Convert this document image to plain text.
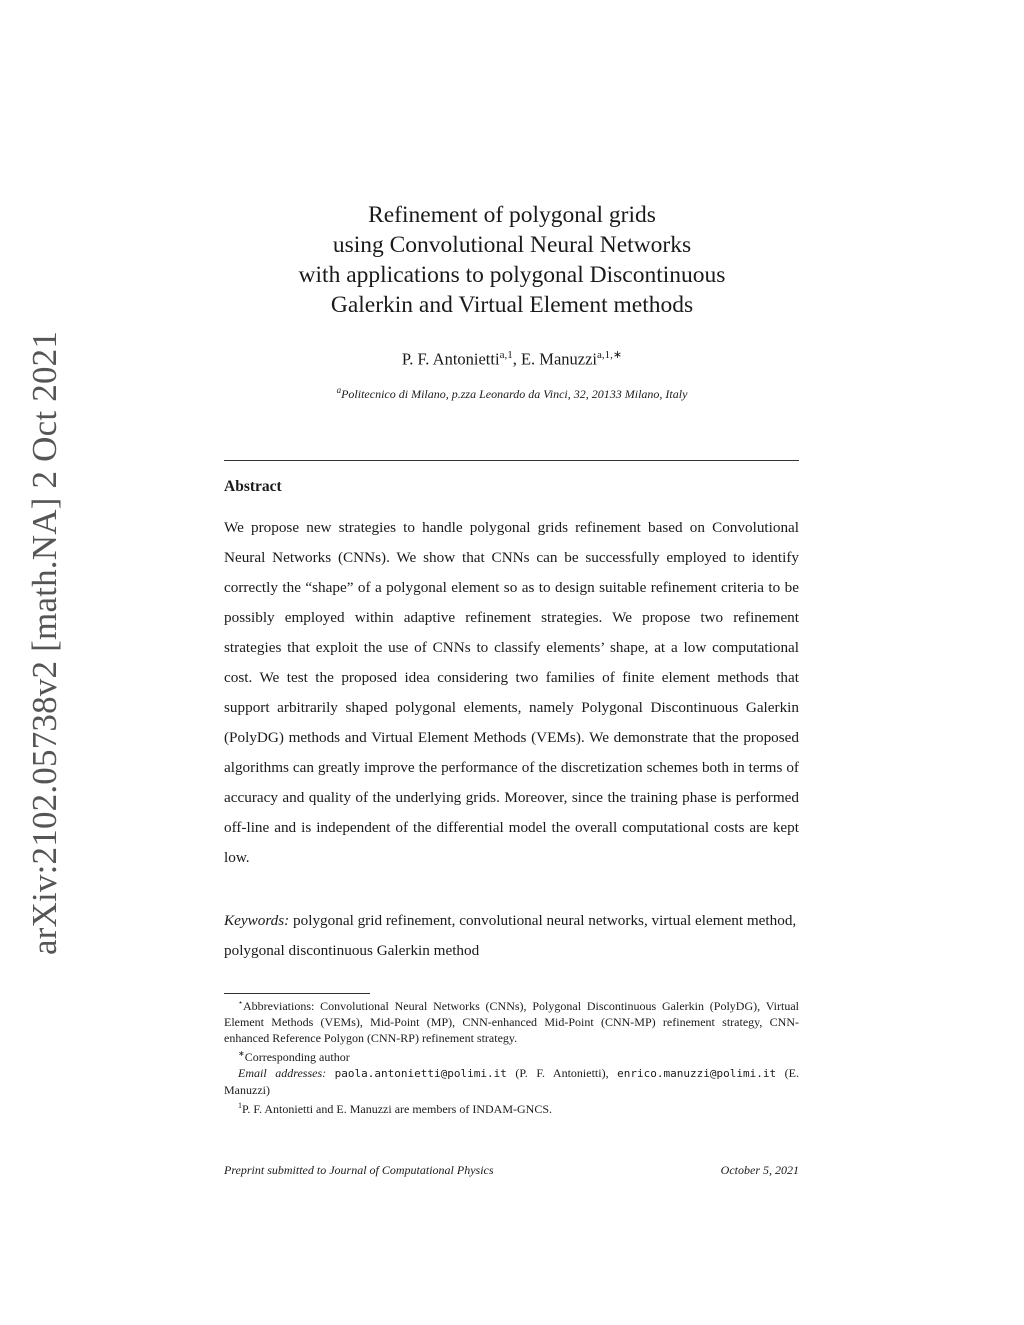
arXiv:2102.05738v2 [math.NA] 2 Oct 2021
Refinement of polygonal grids
using Convolutional Neural Networks
with applications to polygonal Discontinuous
Galerkin and Virtual Element methods
P. F. Antonietti$^{a,1}$, E. Manuzzi$^{a,1,∗}$
$^a$Politecnico di Milano, p.zza Leonardo da Vinci, 32, 20133 Milano, Italy
Abstract
We propose new strategies to handle polygonal grids refinement based on Convolutional Neural Networks (CNNs). We show that CNNs can be successfully employed to identify correctly the “shape” of a polygonal element so as to design suitable refinement criteria to be possibly employed within adaptive refinement strategies. We propose two refinement strategies that exploit the use of CNNs to classify elements’ shape, at a low computational cost. We test the proposed idea considering two families of finite element methods that support arbitrarily shaped polygonal elements, namely Polygonal Discontinuous Galerkin (PolyDG) methods and Virtual Element Methods (VEMs). We demonstrate that the proposed algorithms can greatly improve the performance of the discretization schemes both in terms of accuracy and quality of the underlying grids. Moreover, since the training phase is performed off-line and is independent of the differential model the overall computational costs are kept low.
Keywords: polygonal grid refinement, convolutional neural networks, virtual element method, polygonal discontinuous Galerkin method

⋆Abbreviations: Convolutional Neural Networks (CNNs), Polygonal Discontinuous Galerkin (PolyDG), Virtual Element Methods (VEMs), Mid-Point (MP), CNN-enhanced Mid-Point (CNN-MP) refinement strategy, CNN-enhanced Reference Polygon (CNN-RP) refinement strategy.

∗Corresponding author

Email addresses: paola.antonietti@polimi.it (P. F. Antonietti), enrico.manuzzi@polimi.it (E. Manuzzi)

$^1$P. F. Antonietti and E. Manuzzi are members of INDAM-GNCS.

Preprint submitted to Journal of Computational Physics	October 5, 2021
